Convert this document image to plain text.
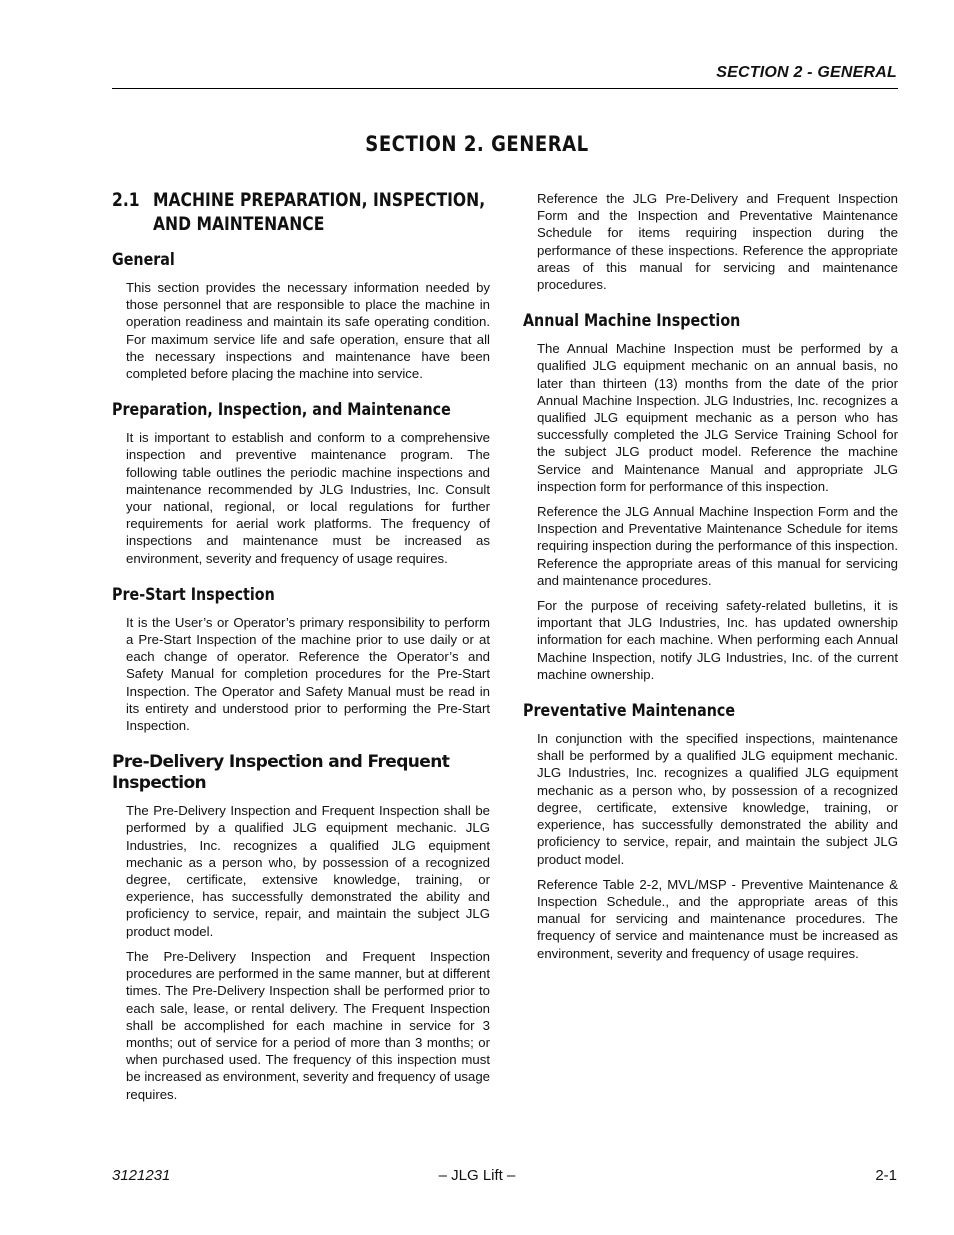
SECTION 2 - GENERAL
SECTION 2. GENERAL
2.1 MACHINE PREPARATION, INSPECTION, AND MAINTENANCE
General

This section provides the necessary information needed by those personnel that are responsible to place the machine in operation readiness and maintain its safe operating condition. For maximum service life and safe operation, ensure that all the necessary inspections and maintenance have been completed before placing the machine into service.

Preparation, Inspection, and Maintenance

It is important to establish and conform to a comprehensive inspection and preventive maintenance program. The following table outlines the periodic machine inspections and maintenance recommended by JLG Industries, Inc. Consult your national, regional, or local regulations for further requirements for aerial work platforms. The frequency of inspections and maintenance must be increased as environment, severity and frequency of usage requires.

Pre-Start Inspection

It is the User’s or Operator’s primary responsibility to perform a Pre-Start Inspection of the machine prior to use daily or at each change of operator. Reference the Operator’s and Safety Manual for completion procedures for the Pre-Start Inspection. The Operator and Safety Manual must be read in its entirety and understood prior to performing the Pre-Start Inspection.

Pre-Delivery Inspection and Frequent Inspection

The Pre-Delivery Inspection and Frequent Inspection shall be performed by a qualified JLG equipment mechanic. JLG Industries, Inc. recognizes a qualified JLG equipment mechanic as a person who, by possession of a recognized degree, certificate, extensive knowledge, training, or experience, has successfully demonstrated the ability and proficiency to service, repair, and maintain the subject JLG product model.

The Pre-Delivery Inspection and Frequent Inspection procedures are performed in the same manner, but at different times. The Pre-Delivery Inspection shall be performed prior to each sale, lease, or rental delivery. The Frequent Inspection shall be accomplished for each machine in service for 3 months; out of service for a period of more than 3 months; or when purchased used. The frequency of this inspection must be increased as environment, severity and frequency of usage requires.

Reference the JLG Pre-Delivery and Frequent Inspection Form and the Inspection and Preventative Maintenance Schedule for items requiring inspection during the performance of these inspections. Reference the appropriate areas of this manual for servicing and maintenance procedures.

Annual Machine Inspection

The Annual Machine Inspection must be performed by a qualified JLG equipment mechanic on an annual basis, no later than thirteen (13) months from the date of the prior Annual Machine Inspection. JLG Industries, Inc. recognizes a qualified JLG equipment mechanic as a person who has successfully completed the JLG Service Training School for the subject JLG product model. Reference the machine Service and Maintenance Manual and appropriate JLG inspection form for performance of this inspection.

Reference the JLG Annual Machine Inspection Form and the Inspection and Preventative Maintenance Schedule for items requiring inspection during the performance of this inspection. Reference the appropriate areas of this manual for servicing and maintenance procedures.

For the purpose of receiving safety-related bulletins, it is important that JLG Industries, Inc. has updated ownership information for each machine. When performing each Annual Machine Inspection, notify JLG Industries, Inc. of the current machine ownership.

Preventative Maintenance

In conjunction with the specified inspections, maintenance shall be performed by a qualified JLG equipment mechanic. JLG Industries, Inc. recognizes a qualified JLG equipment mechanic as a person who, by possession of a recognized degree, certificate, extensive knowledge, training, or experience, has successfully demonstrated the ability and proficiency to service, repair, and maintain the subject JLG product model.

Reference Table 2-2, MVL/MSP - Preventive Maintenance & Inspection Schedule., and the appropriate areas of this manual for servicing and maintenance procedures. The frequency of service and maintenance must be increased as environment, severity and frequency of usage requires.

3121231	– JLG Lift –	2-1
